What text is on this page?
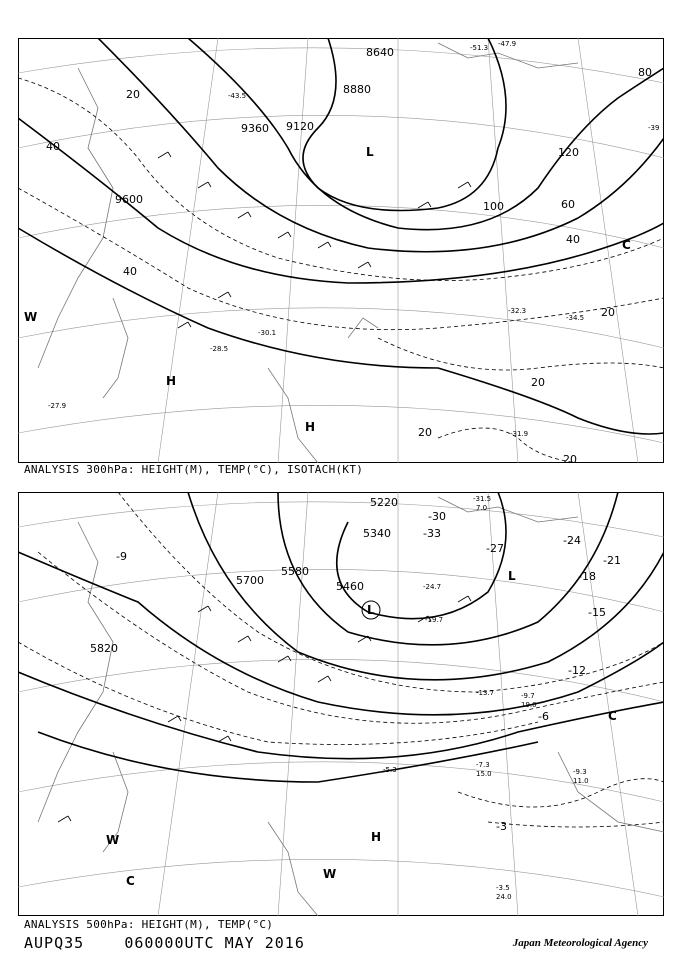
8640
8880
9120
9360
9600
20
40
60
80
100
120
40
40
20
20
20
20
L
H
H
C
W
-51.3 -47.9
-43.5
-39
-34.5
-32.3
-31.9
-30.1
-28.5
-27.9
ANALYSIS 300hPa: HEIGHT(M), TEMP(°C), ISOTACH(KT)
5220
5340
5460
5580
5700
5820
-33
-30
-27
-24
-21
-18
-15
-12
-9
-6
-3
L
L
H
W
W
C
C
-31.5
-24.7
-19.7
-13.7	-9.7
-7.3
-5.3
-3.5
-9.3
7.0
11.0
15.0
19.0
24.0
ANALYSIS 500hPa: HEIGHT(M), TEMP(°C)
AUPQ35	060000UTC MAY 2016	Japan Meteorological Agency
